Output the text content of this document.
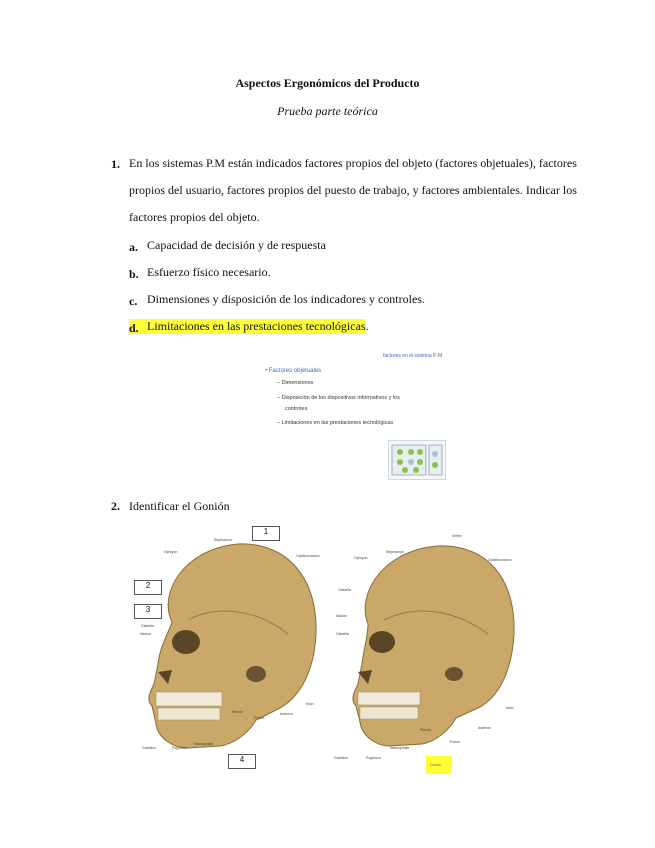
Aspectos Ergonómicos del Producto
Prueba parte teórica
1. En los sistemas P.M están indicados factores propios del objeto (factores objetuales), factores
propios del usuario, factores propios del puesto de trabajo, y factores ambientales. Indicar los
factores propios del objeto.
a. Capacidad de decisión y de respuesta
b. Esfuerzo físico necesario.
c. Dimensiones y disposición de los indicadores y controles.
d. Limitaciones en las prestaciones tecnológicas.
factores en el sistema P-M
• Factores objetuales
– Dimensiones
– Disposición de los dispositivos informativos y los
controles
– Limitaciones en las prestaciones tecnológicas
2. Identificar el Gonión
1
2
3
4
Ophryon
Stephanion
Opisthocranion
Glabella
Nasion
Gnathion	Pogonion
Nasospinale
Pterion
Porion
Asterion
Inion
Vertex
Ophryon
Stephanion
Opisthocranion
Glabella
Nasion
Glabella
Gnathion	Pogonion
Nasospinale
Pterion
Porion
Asterion
Inion
Gonion
